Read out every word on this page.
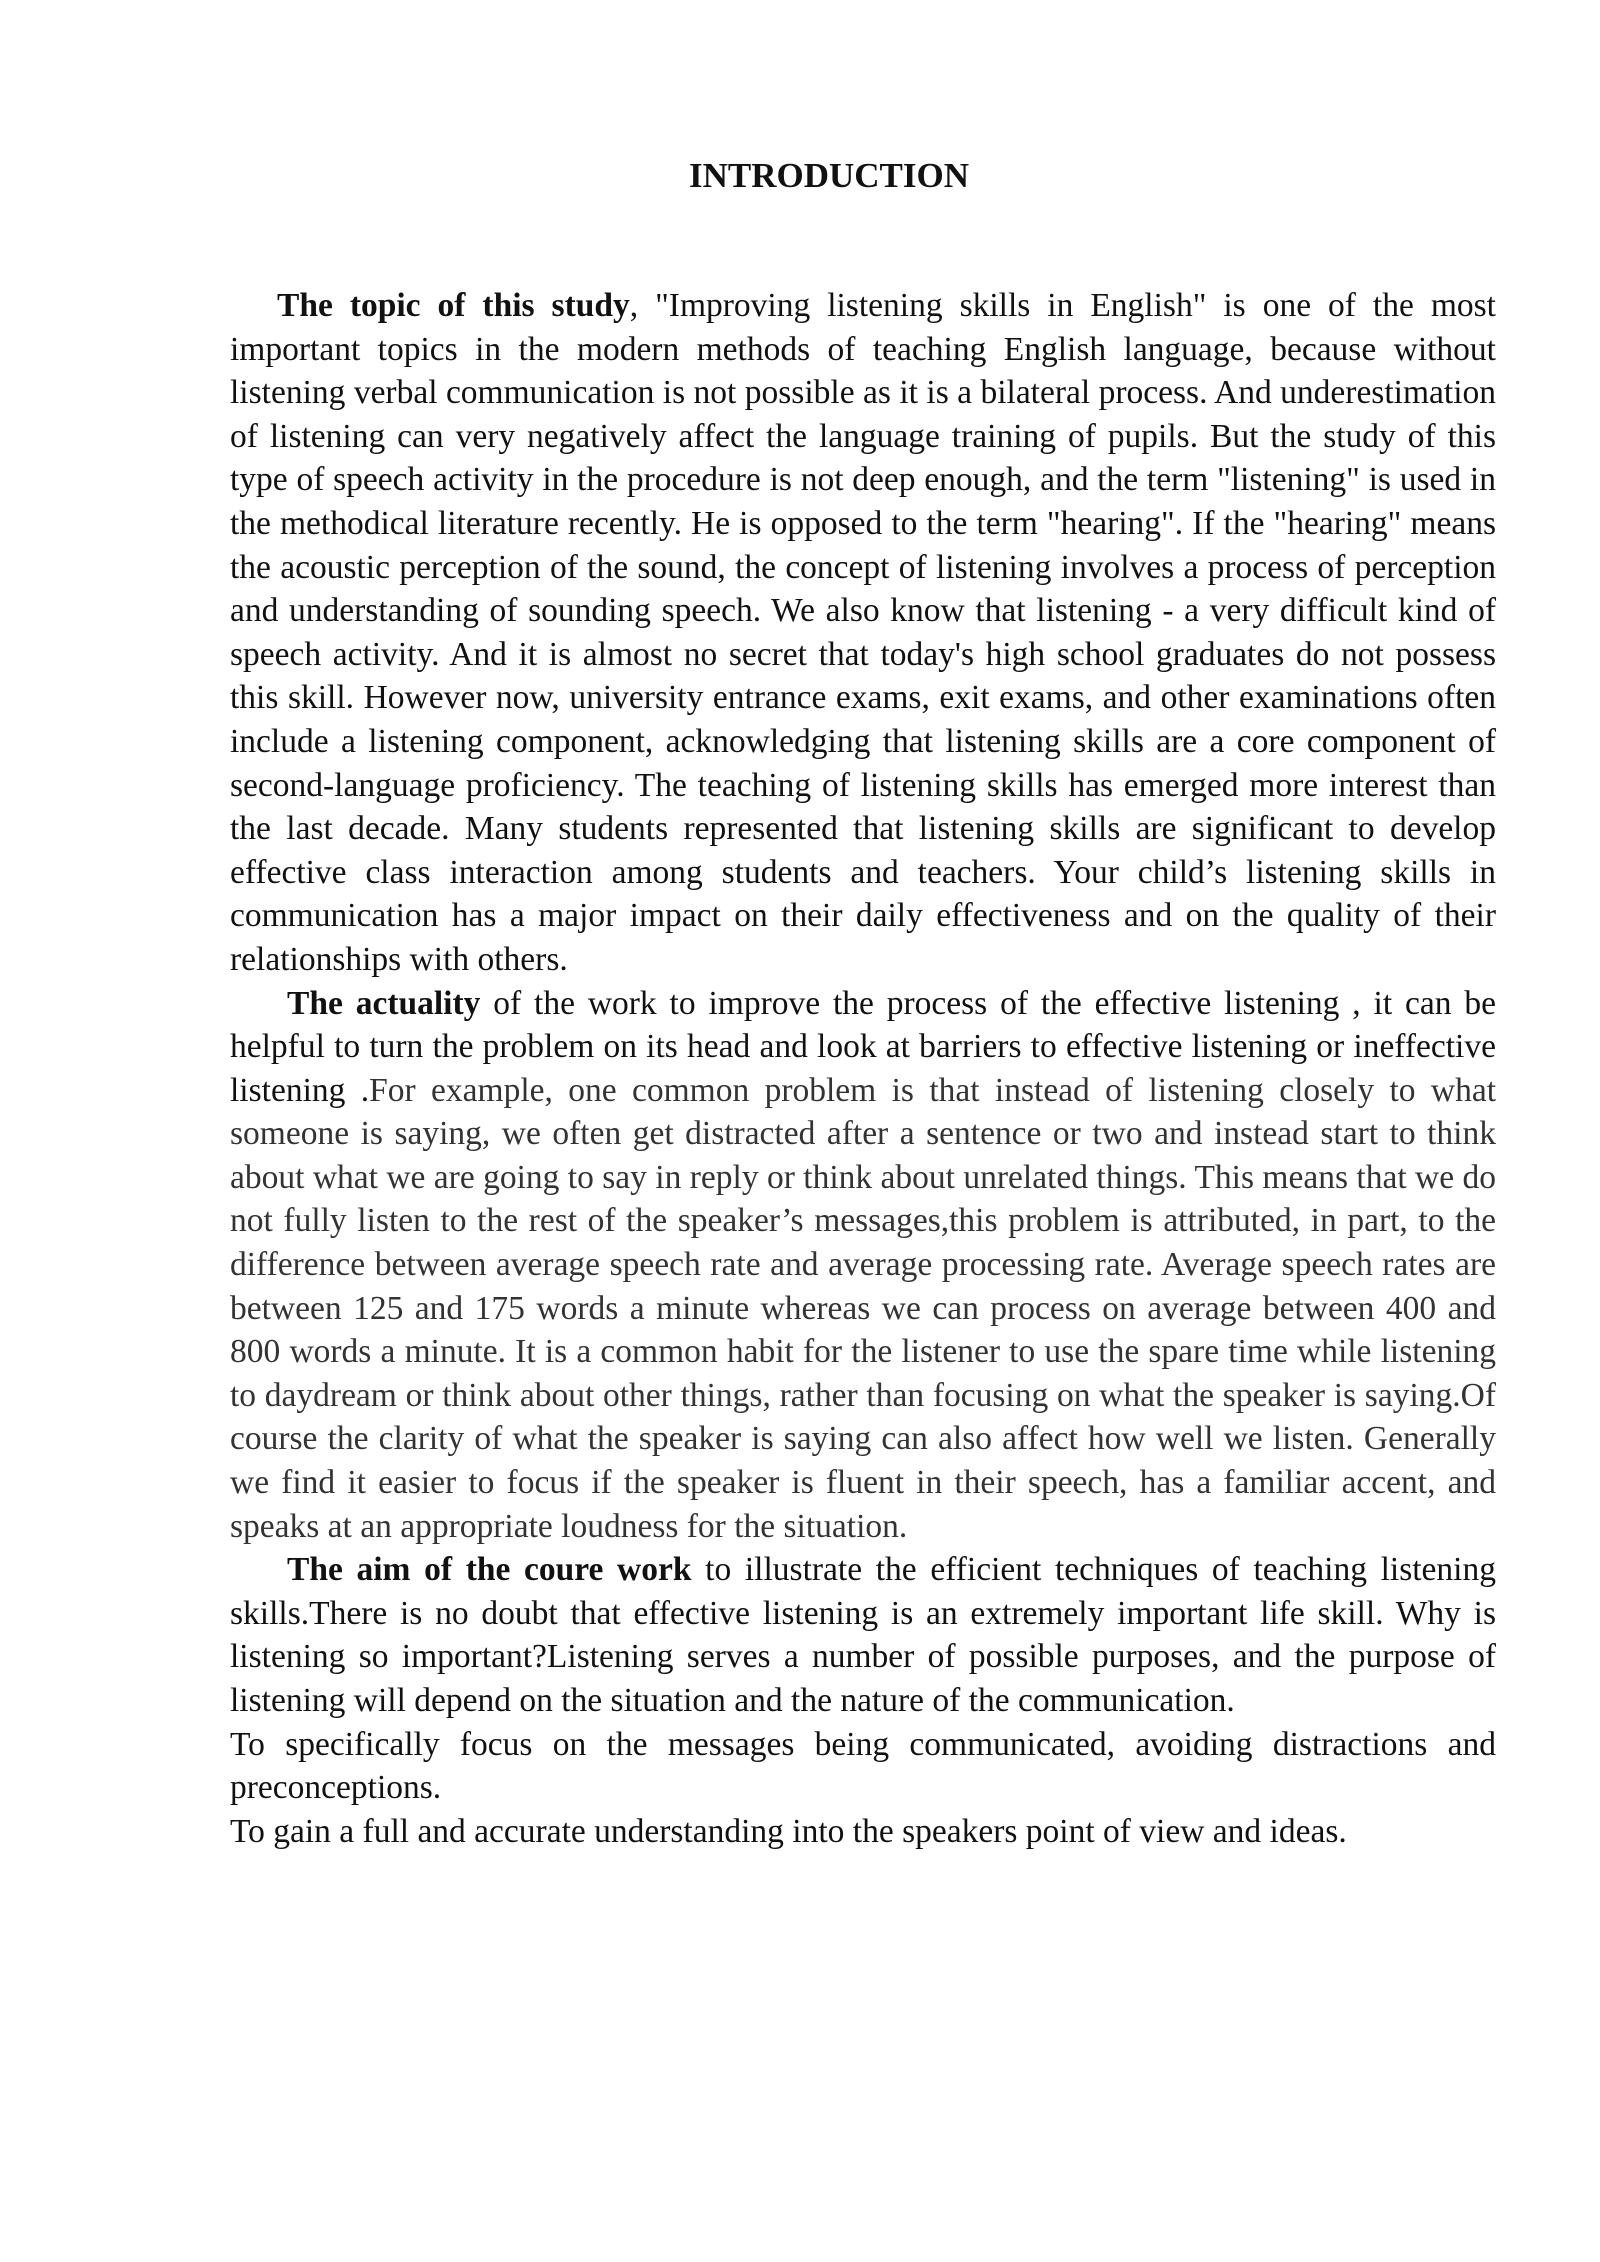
INTRODUCTION

The topic of this study, "Improving listening skills in English" is one of the most important topics in the modern methods of teaching English language, because without listening verbal communication is not possible as it is a bilateral process. And underestimation of listening can very negatively affect the language training of pupils. But the study of this type of speech activity in the procedure is not deep enough, and the term "listening" is used in the methodical literature recently. He is opposed to the term "hearing". If the "hearing" means the acoustic perception of the sound, the concept of listening involves a process of perception and understanding of sounding speech. We also know that listening - a very difficult kind of speech activity. And it is almost no secret that today's high school graduates do not possess this skill. However now, university entrance exams, exit exams, and other examinations often include a listening component, acknowledging that listening skills are a core component of second-language proficiency. The teaching of listening skills has emerged more interest than the last decade. Many students represented that listening skills are significant to develop effective class interaction among students and teachers. Your child’s listening skills in communication has a major impact on their daily effectiveness and on the quality of their relationships with others.

The actuality of the work to improve the process of the effective listening , it can be helpful to turn the problem on its head and look at barriers to effective listening or ineffective listening .For example, one common problem is that instead of listening closely to what someone is saying, we often get distracted after a sentence or two and instead start to think about what we are going to say in reply or think about unrelated things. This means that we do not fully listen to the rest of the speaker’s messages,this problem is attributed, in part, to the difference between average speech rate and average processing rate. Average speech rates are between 125 and 175 words a minute whereas we can process on average between 400 and 800 words a minute. It is a common habit for the listener to use the spare time while listening to daydream or think about other things, rather than focusing on what the speaker is saying.Of course the clarity of what the speaker is saying can also affect how well we listen. Generally we find it easier to focus if the speaker is fluent in their speech, has a familiar accent, and speaks at an appropriate loudness for the situation.

The aim of the coure work to illustrate the efficient techniques of teaching listening skills.There is no doubt that effective listening is an extremely important life skill. Why is listening so important?Listening serves a number of possible purposes, and the purpose of listening will depend on the situation and the nature of the communication.

To specifically focus on the messages being communicated, avoiding distractions and preconceptions.

To gain a full and accurate understanding into the speakers point of view and ideas.
